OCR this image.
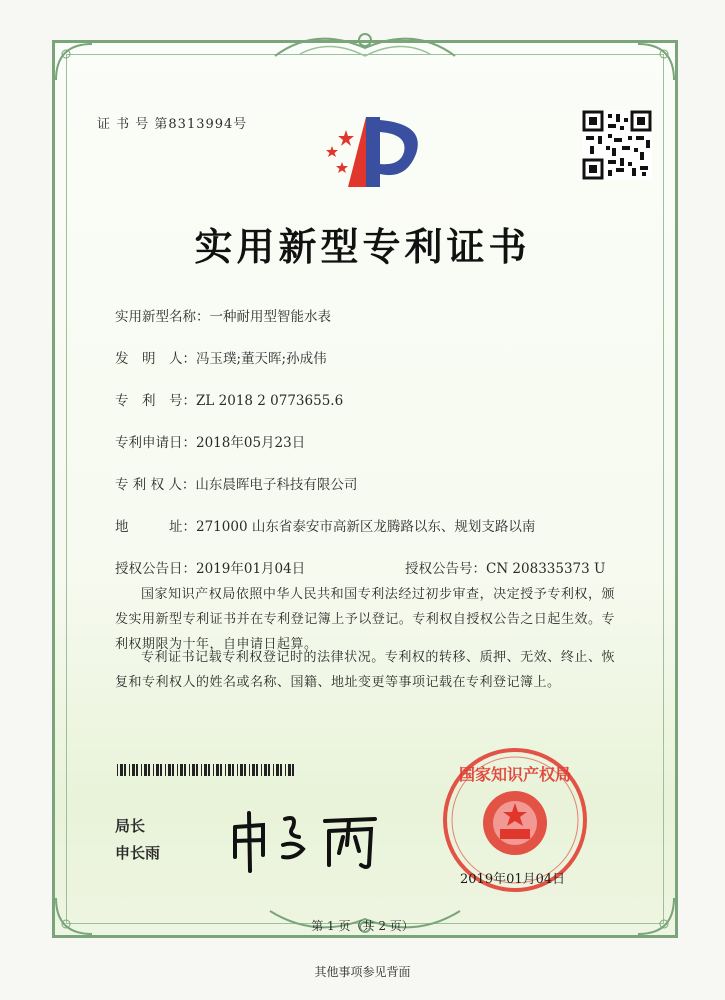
证 书 号 第8313994号
实用新型专利证书
实用新型名称：一种耐用型智能水表
发　明　人：冯玉璞;董天晖;孙成伟
专　利　号：ZL 2018 2 0773655.6
专利申请日：2018年05月23日
专 利 权 人：山东晨晖电子科技有限公司
地　　　址：271000 山东省泰安市高新区龙腾路以东、规划支路以南
授权公告日：2019年01月04日	授权公告号：CN 208335373 U
国家知识产权局依照中华人民共和国专利法经过初步审查，决定授予专利权，颁发实用新型专利证书并在专利登记簿上予以登记。专利权自授权公告之日起生效。专利权期限为十年，自申请日起算。
专利证书记载专利权登记时的法律状况。专利权的转移、质押、无效、终止、恢复和专利权人的姓名或名称、国籍、地址变更等事项记载在专利登记簿上。
局长
申长雨
国家知识产权局
2019年01月04日
第 1 页（共 2 页）
其他事项参见背面
